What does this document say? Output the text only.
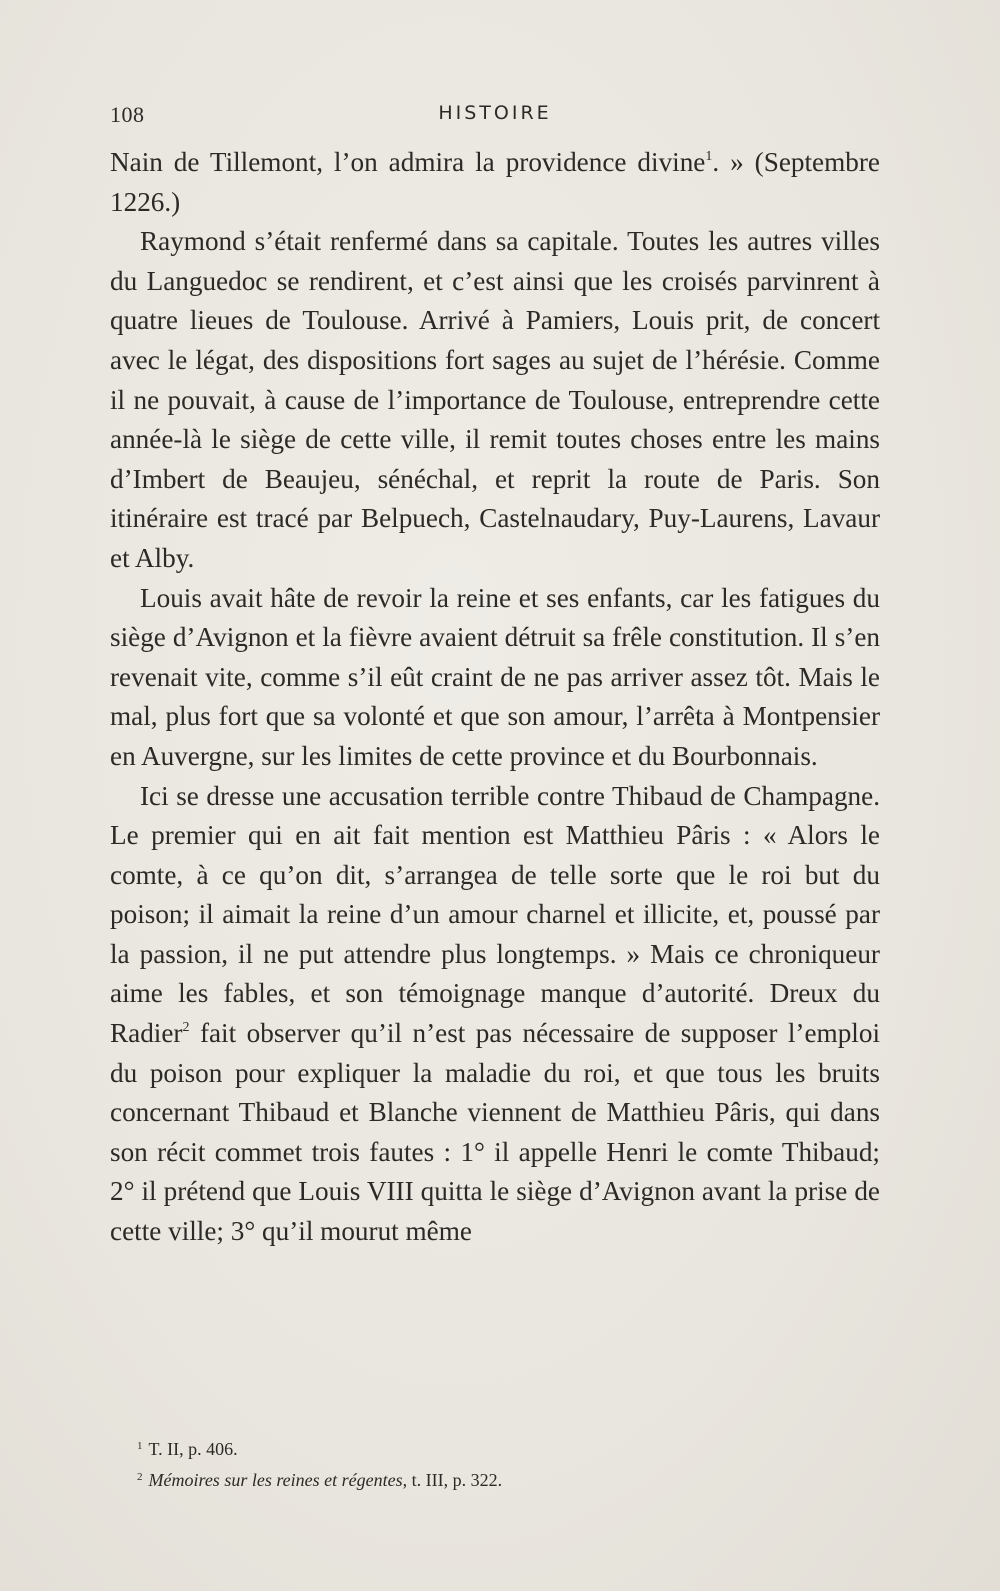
108	HISTOIRE

Nain de Tillemont, l’on admira la providence divine$^1$. » (Septembre 1226.)

Raymond s’était renfermé dans sa capitale. Toutes les autres villes du Languedoc se rendirent, et c’est ainsi que les croisés parvinrent à quatre lieues de Toulouse. Arrivé à Pamiers, Louis prit, de concert avec le légat, des dispositions fort sages au sujet de l’hérésie. Comme il ne pouvait, à cause de l’importance de Toulouse, entreprendre cette année-là le siège de cette ville, il remit toutes choses entre les mains d’Imbert de Beaujeu, sénéchal, et reprit la route de Paris. Son itinéraire est tracé par Belpuech, Castelnaudary, Puy-Laurens, Lavaur et Alby.

Louis avait hâte de revoir la reine et ses enfants, car les fatigues du siège d’Avignon et la fièvre avaient détruit sa frêle constitution. Il s’en revenait vite, comme s’il eût craint de ne pas arriver assez tôt. Mais le mal, plus fort que sa volonté et que son amour, l’arrêta à Montpensier en Auvergne, sur les limites de cette province et du Bourbonnais.

Ici se dresse une accusation terrible contre Thibaud de Champagne. Le premier qui en ait fait mention est Matthieu Pâris : « Alors le comte, à ce qu’on dit, s’arrangea de telle sorte que le roi but du poison; il aimait la reine d’un amour charnel et illicite, et, poussé par la passion, il ne put attendre plus longtemps. » Mais ce chroniqueur aime les fables, et son témoignage manque d’autorité. Dreux du Radier$^2$ fait observer qu’il n’est pas nécessaire de supposer l’emploi du poison pour expliquer la maladie du roi, et que tous les bruits concernant Thibaud et Blanche viennent de Matthieu Pâris, qui dans son récit commet trois fautes : 1° il appelle Henri le comte Thibaud; 2° il prétend que Louis VIII quitta le siège d’Avignon avant la prise de cette ville; 3° qu’il mourut même

$^1$ T. II, p. 406.
$^2$ Mémoires sur les reines et régentes, t. III, p. 322.
